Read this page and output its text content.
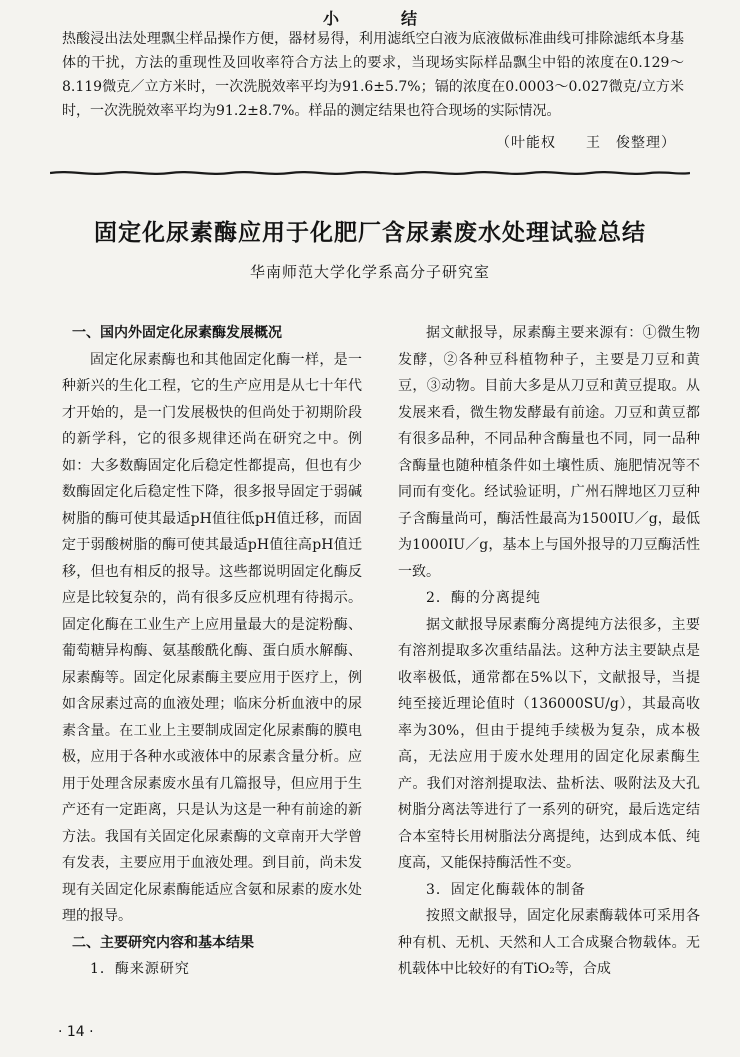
小结
热酸浸出法处理飘尘样品操作方便，器材易得，利用滤纸空白液为底液做标准曲线可排除滤纸本身基体的干扰，方法的重现性及回收率符合方法上的要求，当现场实际样品飘尘中铅的浓度在0.129～8.119微克／立方米时，一次洗脱效率平均为91.6±5.7%；镉的浓度在0.0003～0.027微克/立方米时，一次洗脱效率平均为91.2±8.7%。样品的测定结果也符合现场的实际情况。
（叶能权　　王　俊整理）
固定化尿素酶应用于化肥厂含尿素废水处理试验总结
华南师范大学化学系高分子研究室
一、国内外固定化尿素酶发展概况

固定化尿素酶也和其他固定化酶一样，是一种新兴的生化工程，它的生产应用是从七十年代才开始的，是一门发展极快的但尚处于初期阶段的新学科，它的很多规律还尚在研究之中。例如：大多数酶固定化后稳定性都提高，但也有少数酶固定化后稳定性下降，很多报导固定于弱碱树脂的酶可使其最适pH值往低pH值迁移，而固定于弱酸树脂的酶可使其最适pH值往高pH值迁移，但也有相反的报导。这些都说明固定化酶反应是比较复杂的，尚有很多反应机理有待揭示。固定化酶在工业生产上应用量最大的是淀粉酶、葡萄糖异构酶、氨基酸酰化酶、蛋白质水解酶、尿素酶等。固定化尿素酶主要应用于医疗上，例如含尿素过高的血液处理；临床分析血液中的尿素含量。在工业上主要制成固定化尿素酶的膜电极，应用于各种水或液体中的尿素含量分析。应用于处理含尿素废水虽有几篇报导，但应用于生产还有一定距离，只是认为这是一种有前途的新方法。我国有关固定化尿素酶的文章南开大学曾有发表，主要应用于血液处理。到目前，尚未发现有关固定化尿素酶能适应含氨和尿素的废水处理的报导。

二、主要研究内容和基本结果
1．酶来源研究

据文献报导，尿素酶主要来源有：①微生物发酵，②各种豆科植物种子，主要是刀豆和黄豆，③动物。目前大多是从刀豆和黄豆提取。从发展来看，微生物发酵最有前途。刀豆和黄豆都有很多品种，不同品种含酶量也不同，同一品种含酶量也随种植条件如土壤性质、施肥情况等不同而有变化。经试验证明，广州石牌地区刀豆种子含酶量尚可，酶活性最高为1500IU／g，最低为1000IU／g，基本上与国外报导的刀豆酶活性一致。

2．酶的分离提纯

据文献报导尿素酶分离提纯方法很多，主要有溶剂提取多次重结晶法。这种方法主要缺点是收率极低，通常都在5%以下，文献报导，当提纯至接近理论值时（136000SU/g），其最高收率为30%，但由于提纯手续极为复杂，成本极高，无法应用于废水处理用的固定化尿素酶生产。我们对溶剂提取法、盐析法、吸附法及大孔树脂分离法等进行了一系列的研究，最后选定结合本室特长用树脂法分离提纯，达到成本低、纯度高，又能保持酶活性不变。

3．固定化酶载体的制备

按照文献报导，固定化尿素酶载体可采用各种有机、无机、天然和人工合成聚合物载体。无机载体中比较好的有TiO₂等，合成

· 14 ·
